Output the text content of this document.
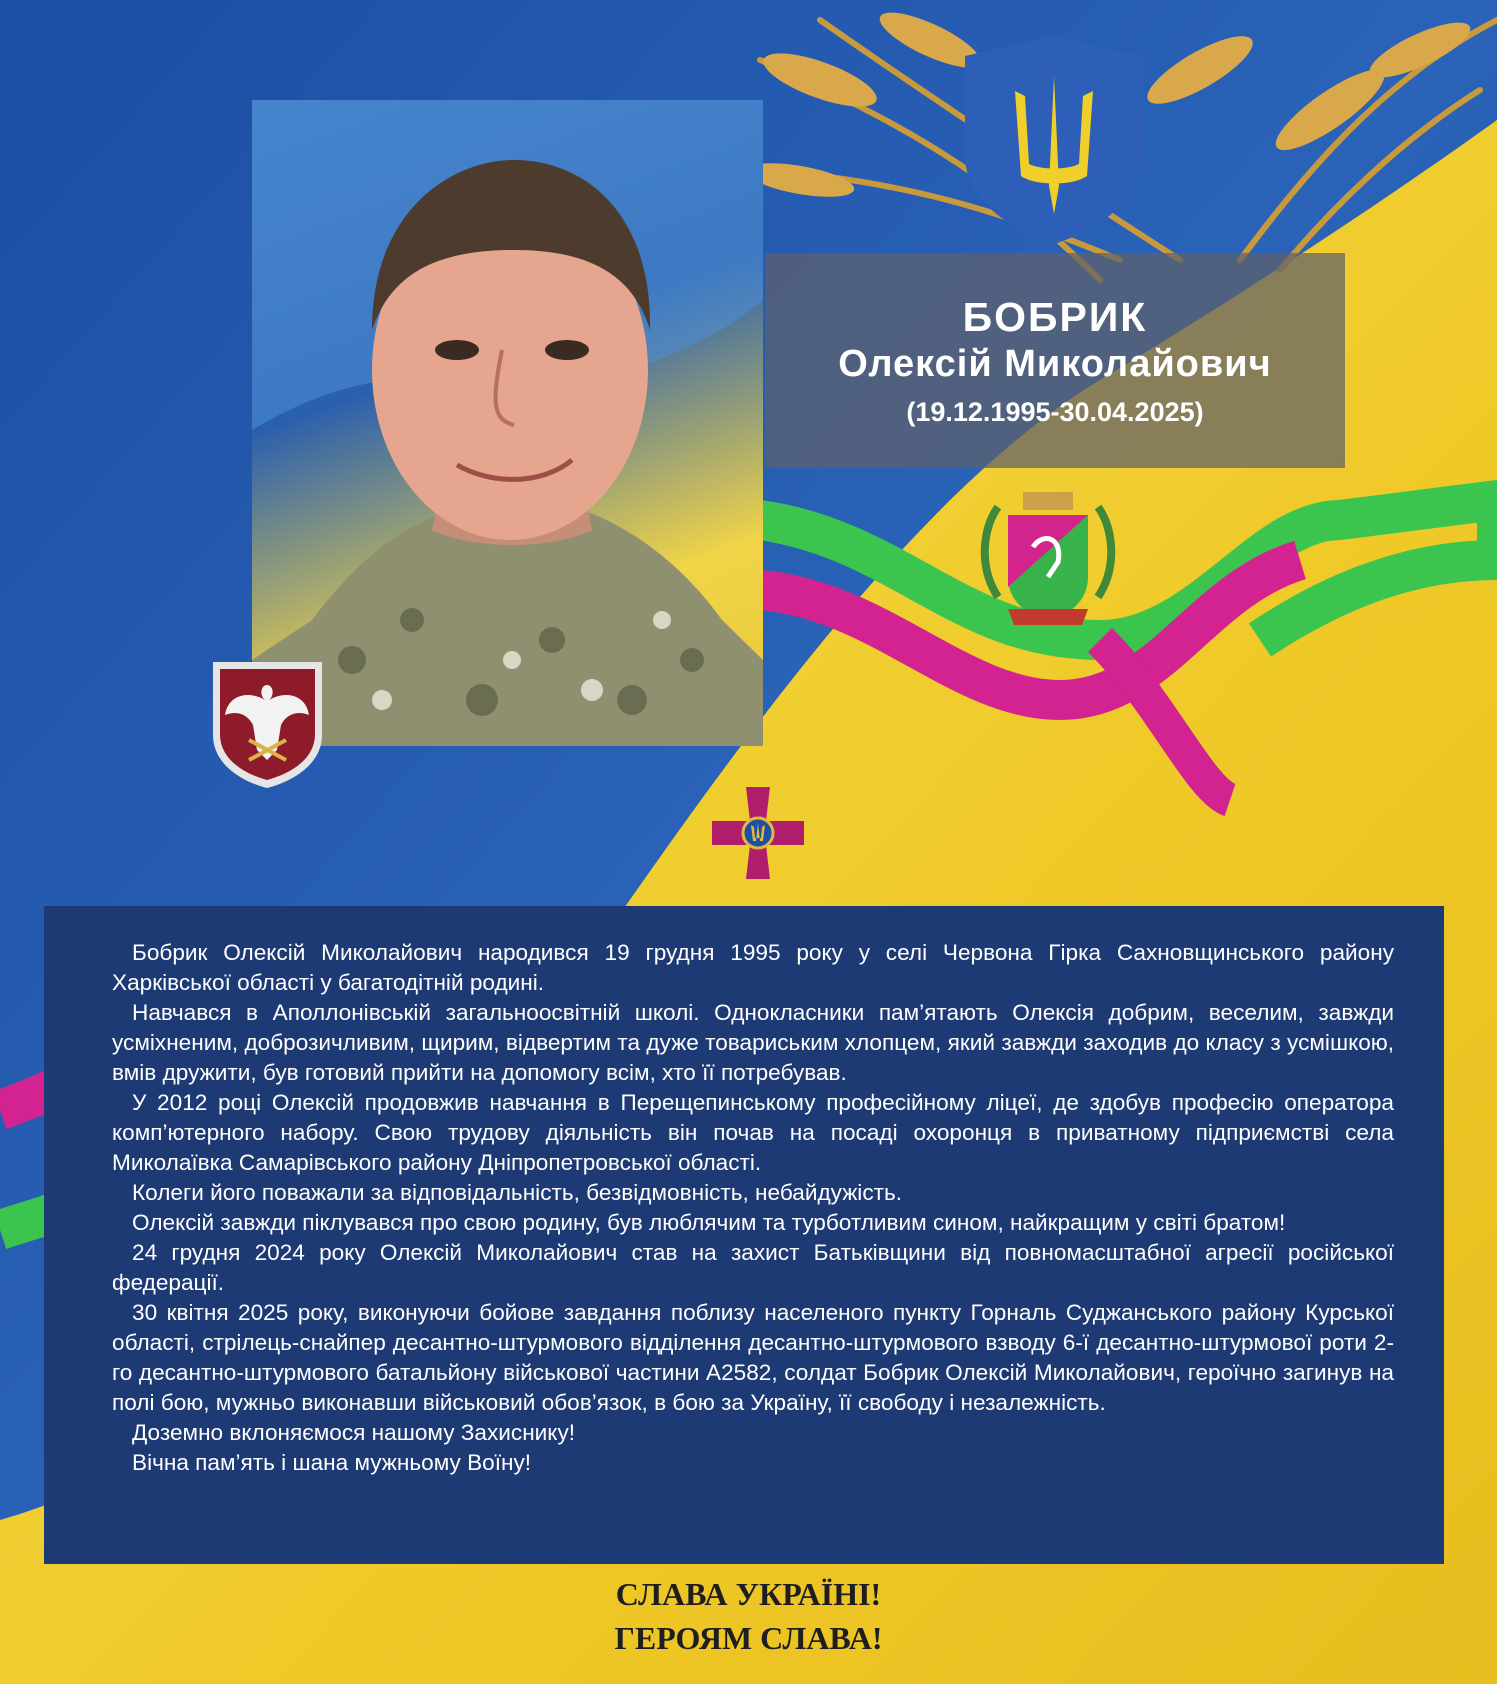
БОБРИК
Олексій Миколайович
(19.12.1995-30.04.2025)

Бобрик Олексій Миколайович народився 19 грудня 1995 року у селі Червона Гірка Сахновщинського району Харківської області у багатодітній родині.

Навчався в Аполлонівській загальноосвітній школі. Однокласники пам’ятають Олексія добрим, веселим, завжди усміхненим, доброзичливим, щирим, відвертим та дуже товариським хлопцем, який завжди заходив до класу з усмішкою, вмів дружити, був готовий прийти на допомогу всім, хто її потребував.

У 2012 році Олексій продовжив навчання в Перещепинському професійному ліцеї, де здобув професію оператора комп’ютерного набору. Свою трудову діяльність він почав на посаді охоронця в приватному підприємстві села Миколаївка Самарівського району Дніпропетровської області.

Колеги його поважали за відповідальність, безвідмовність, небайдужість.

Олексій завжди піклувався про свою родину, був люблячим та турботливим сином, найкращим у світі братом!

24 грудня 2024 року Олексій Миколайович став на захист Батьківщини від повномасштабної агресії російської федерації.

30 квітня 2025 року, виконуючи бойове завдання поблизу населеного пункту Горналь Суджанського району Курської області, стрілець-снайпер десантно-штурмового відділення десантно-штурмового взводу 6-ї десантно-штурмової роти 2-го десантно-штурмового батальйону військової частини А2582, солдат Бобрик Олексій Миколайович, героїчно загинув на полі бою, мужньо виконавши військовий обов’язок, в бою за Україну, її свободу і незалежність.

Доземно вклоняємося нашому Захиснику!

Вічна пам’ять і шана мужньому Воїну!

СЛАВА УКРАЇНІ!
ГЕРОЯМ СЛАВА!
